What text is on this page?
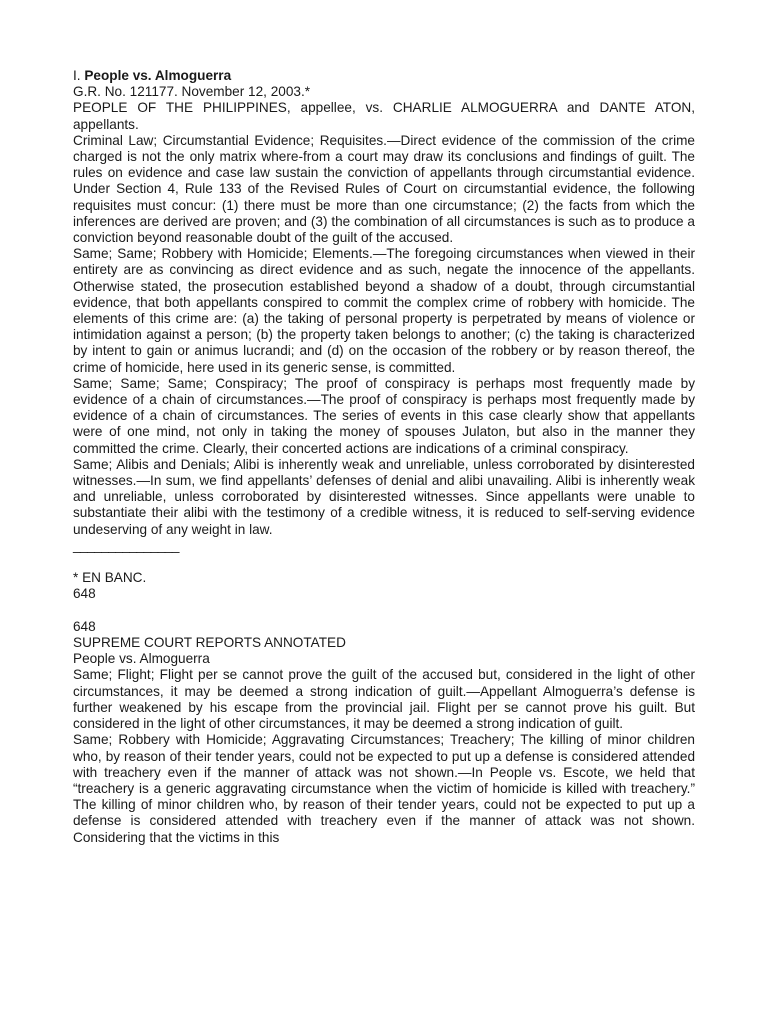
I. People vs. Almoguerra
G.R. No. 121177. November 12, 2003.*
PEOPLE OF THE PHILIPPINES, appellee, vs. CHARLIE ALMOGUERRA and DANTE ATON, appellants.
Criminal Law; Circumstantial Evidence; Requisites.—Direct evidence of the commission of the crime charged is not the only matrix where-from a court may draw its conclusions and findings of guilt. The rules on evidence and case law sustain the conviction of appellants through circumstantial evidence. Under Section 4, Rule 133 of the Revised Rules of Court on circumstantial evidence, the following requisites must concur: (1) there must be more than one circumstance; (2) the facts from which the inferences are derived are proven; and (3) the combination of all circumstances is such as to produce a conviction beyond reasonable doubt of the guilt of the accused.
Same; Same; Robbery with Homicide; Elements.—The foregoing circumstances when viewed in their entirety are as convincing as direct evidence and as such, negate the innocence of the appellants. Otherwise stated, the prosecution established beyond a shadow of a doubt, through circumstantial evidence, that both appellants conspired to commit the complex crime of robbery with homicide. The elements of this crime are: (a) the taking of personal property is perpetrated by means of violence or intimidation against a person; (b) the property taken belongs to another; (c) the taking is characterized by intent to gain or animus lucrandi; and (d) on the occasion of the robbery or by reason thereof, the crime of homicide, here used in its generic sense, is committed.
Same; Same; Same; Conspiracy; The proof of conspiracy is perhaps most frequently made by evidence of a chain of circumstances.—The proof of conspiracy is perhaps most frequently made by evidence of a chain of circumstances. The series of events in this case clearly show that appellants were of one mind, not only in taking the money of spouses Julaton, but also in the manner they committed the crime. Clearly, their concerted actions are indications of a criminal conspiracy.
Same; Alibis and Denials; Alibi is inherently weak and unreliable, unless corroborated by disinterested witnesses.—In sum, we find appellants’ defenses of denial and alibi unavailing. Alibi is inherently weak and unreliable, unless corroborated by disinterested witnesses. Since appellants were unable to substantiate their alibi with the testimony of a credible witness, it is reduced to self-serving evidence undeserving of any weight in law.
_______________
* EN BANC.
648
648
SUPREME COURT REPORTS ANNOTATED
People vs. Almoguerra
Same; Flight; Flight per se cannot prove the guilt of the accused but, considered in the light of other circumstances, it may be deemed a strong indication of guilt.—Appellant Almoguerra’s defense is further weakened by his escape from the provincial jail. Flight per se cannot prove his guilt. But considered in the light of other circumstances, it may be deemed a strong indication of guilt.
Same; Robbery with Homicide; Aggravating Circumstances; Treachery; The killing of minor children who, by reason of their tender years, could not be expected to put up a defense is considered attended with treachery even if the manner of attack was not shown.—In People vs. Escote, we held that “treachery is a generic aggravating circumstance when the victim of homicide is killed with treachery.” The killing of minor children who, by reason of their tender years, could not be expected to put up a defense is considered attended with treachery even if the manner of attack was not shown. Considering that the victims in this
